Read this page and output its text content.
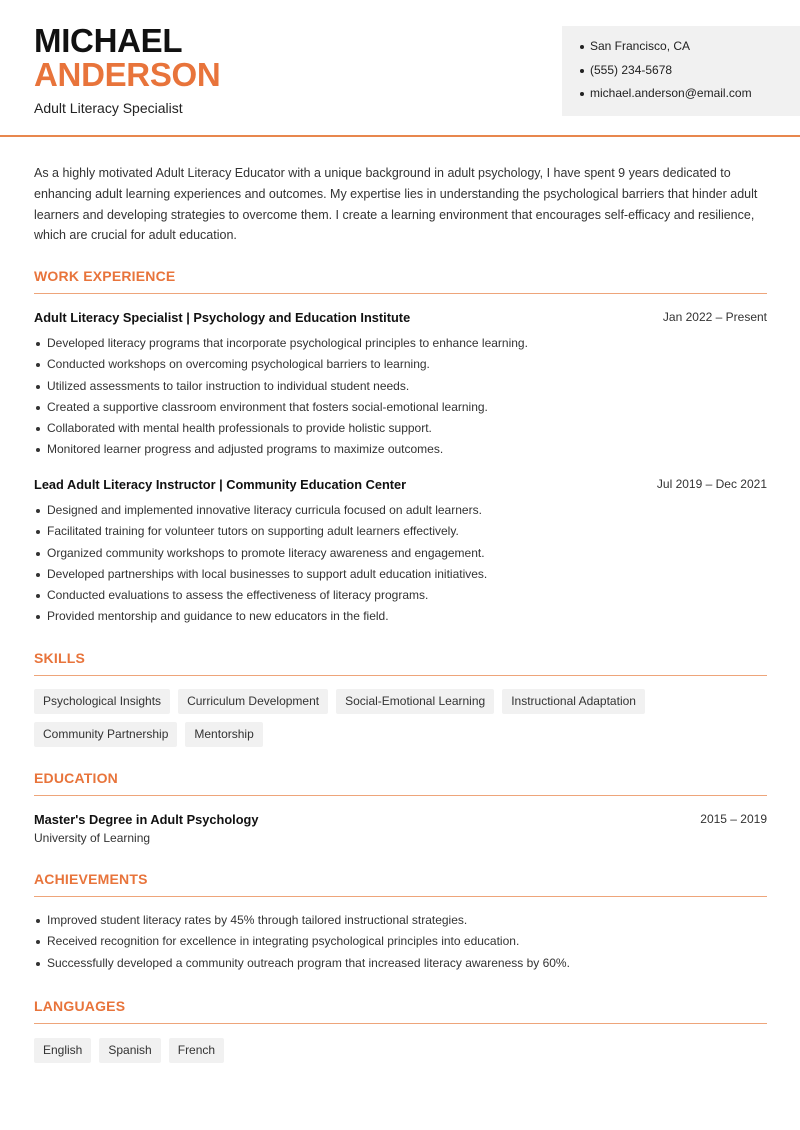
MICHAEL
ANDERSON
Adult Literacy Specialist
San Francisco, CA
(555) 234-5678
michael.anderson@email.com

As a highly motivated Adult Literacy Educator with a unique background in adult psychology, I have spent 9 years dedicated to enhancing adult learning experiences and outcomes. My expertise lies in understanding the psychological barriers that hinder adult learners and developing strategies to overcome them. I create a learning environment that encourages self-efficacy and resilience, which are crucial for adult education.

WORK EXPERIENCE
Adult Literacy Specialist | Psychology and Education Institute	Jan 2022 – Present
Developed literacy programs that incorporate psychological principles to enhance learning.
Conducted workshops on overcoming psychological barriers to learning.
Utilized assessments to tailor instruction to individual student needs.
Created a supportive classroom environment that fosters social-emotional learning.
Collaborated with mental health professionals to provide holistic support.
Monitored learner progress and adjusted programs to maximize outcomes.
Lead Adult Literacy Instructor | Community Education Center	Jul 2019 – Dec 2021
Designed and implemented innovative literacy curricula focused on adult learners.
Facilitated training for volunteer tutors on supporting adult learners effectively.
Organized community workshops to promote literacy awareness and engagement.
Developed partnerships with local businesses to support adult education initiatives.
Conducted evaluations to assess the effectiveness of literacy programs.
Provided mentorship and guidance to new educators in the field.
SKILLS
Psychological Insights	Curriculum Development	Social-Emotional Learning	Instructional Adaptation
Community Partnership	Mentorship
EDUCATION
Master's Degree in Adult Psychology	2015 – 2019
University of Learning
ACHIEVEMENTS
Improved student literacy rates by 45% through tailored instructional strategies.
Received recognition for excellence in integrating psychological principles into education.
Successfully developed a community outreach program that increased literacy awareness by 60%.
LANGUAGES
English	Spanish	French
